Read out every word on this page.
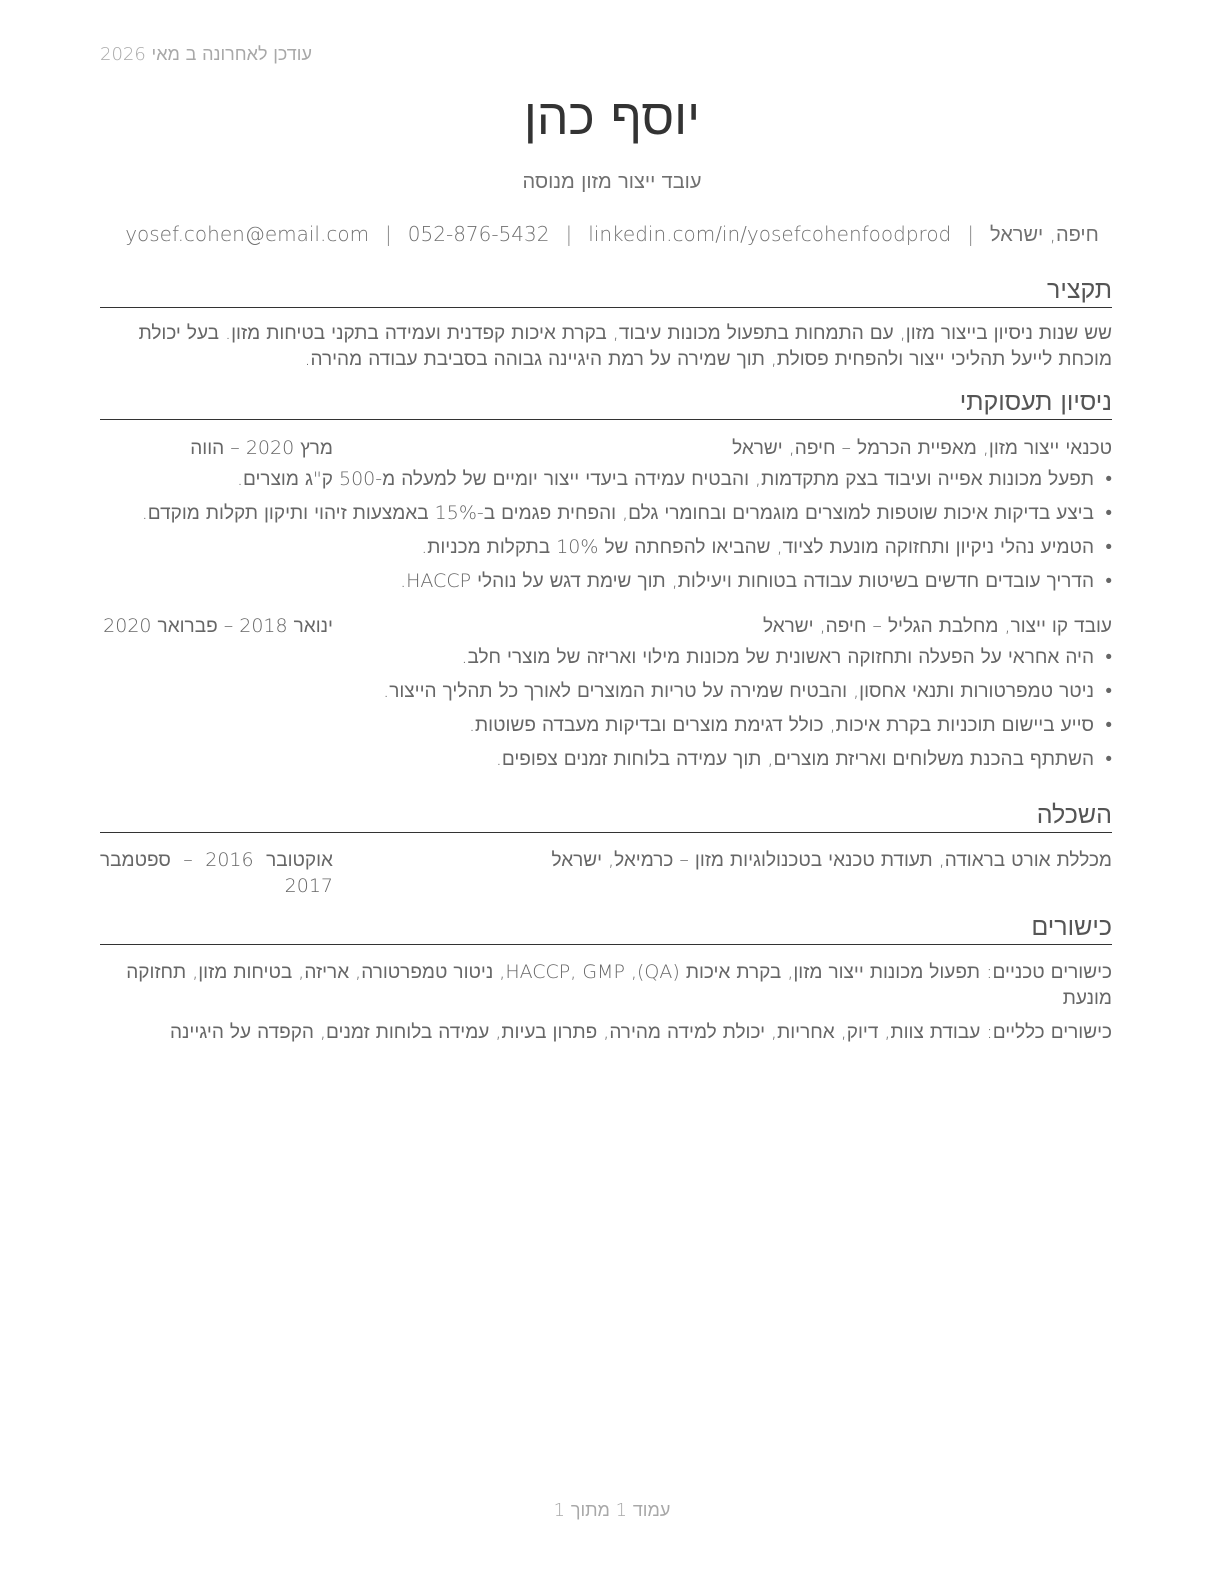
עודכן לאחרונה ב מאי 2026
יוסף כהן
עובד ייצור מזון מנוסה
חיפה, ישראל|yosef.cohen@email.com | 052-876-5432 | linkedin.com/in/yosefcohenfoodprod
תקציר

שש שנות ניסיון בייצור מזון, עם התמחות בתפעול מכונות עיבוד, בקרת איכות קפדנית ועמידה בתקני בטיחות מזון. בעל יכולת מוכחת לייעל תהליכי ייצור ולהפחית פסולת, תוך שמירה על רמת היגיינה גבוהה בסביבת עבודה מהירה.

ניסיון תעסוקתי
טכנאי ייצור מזון, מאפיית הכרמל – חיפה, ישראל
מרץ 2020 – הווה
• תפעל מכונות אפייה ועיבוד בצק מתקדמות, והבטיח עמידה ביעדי ייצור יומיים של למעלה מ-500 ק"ג מוצרים.
• ביצע בדיקות איכות שוטפות למוצרים מוגמרים ובחומרי גלם, והפחית פגמים ב-15% באמצעות זיהוי ותיקון תקלות מוקדם.
• הטמיע נהלי ניקיון ותחזוקה מונעת לציוד, שהביאו להפחתה של 10% בתקלות מכניות.
• הדריך עובדים חדשים בשיטות עבודה בטוחות ויעילות, תוך שימת דגש על נוהלי HACCP.
עובד קו ייצור, מחלבת הגליל – חיפה, ישראל
ינואר 2018 – פברואר 2020
• היה אחראי על הפעלה ותחזוקה ראשונית של מכונות מילוי ואריזה של מוצרי חלב.
• ניטר טמפרטורות ותנאי אחסון, והבטיח שמירה על טריות המוצרים לאורך כל תהליך הייצור.
• סייע ביישום תוכניות בקרת איכות, כולל דגימת מוצרים ובדיקות מעבדה פשוטות.
• השתתף בהכנת משלוחים ואריזת מוצרים, תוך עמידה בלוחות זמנים צפופים.
השכלה
מכללת אורט בראודה, תעודת טכנאי בטכנולוגיות מזון – כרמיאל, ישראל
אוקטובר 2016 – ספטמבר 2017
כישורים

כישורים טכניים: תפעול מכונות ייצור מזון, בקרת איכות (QA), HACCP, GMP, ניטור טמפרטורה, אריזה, בטיחות מזון, תחזוקה מונעת

כישורים כלליים: עבודת צוות, דיוק, אחריות, יכולת למידה מהירה, פתרון בעיות, עמידה בלוחות זמנים, הקפדה על היגיינה

עמוד 1 מתוך 1
